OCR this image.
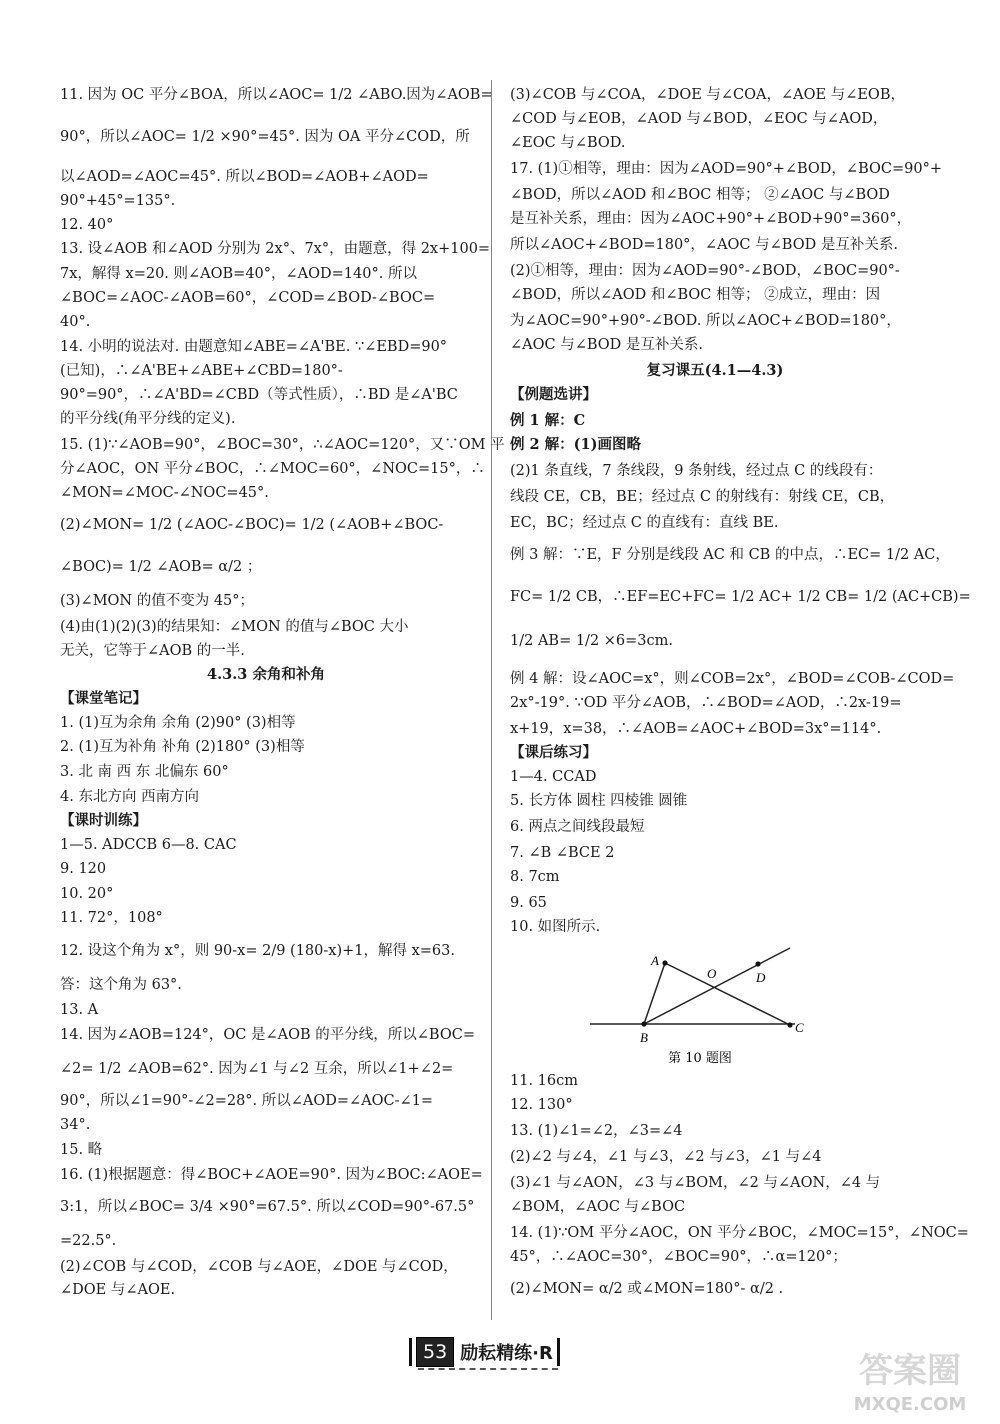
11. 因为 OC 平分∠BOA，所以∠AOC= 1/2 ∠ABO.因为∠AOB=
90°，所以∠AOC= 1/2 ×90°=45°. 因为 OA 平分∠COD，所
以∠AOD=∠AOC=45°. 所以∠BOD=∠AOB+∠AOD=
90°+45°=135°.
12. 40°
13. 设∠AOB 和∠AOD 分别为 2x°、7x°，由题意，得 2x+100=
7x，解得 x=20. 则∠AOB=40°，∠AOD=140°. 所以
∠BOC=∠AOC-∠AOB=60°，∠COD=∠BOD-∠BOC=
40°.
14. 小明的说法对. 由题意知∠ABE=∠A'BE. ∵∠EBD=90°
(已知)，∴∠A'BE+∠ABE+∠CBD=180°-
90°=90°，∴∠A'BD=∠CBD（等式性质），∴BD 是∠A'BC
的平分线(角平分线的定义).
15. (1)∵∠AOB=90°，∠BOC=30°，∴∠AOC=120°，又∵OM 平
分∠AOC，ON 平分∠BOC，∴∠MOC=60°，∠NOC=15°，∴
∠MON=∠MOC-∠NOC=45°.
(2)∠MON= 1/2 (∠AOC-∠BOC)= 1/2 (∠AOB+∠BOC-
∠BOC)= 1/2 ∠AOB= α/2 ；
(3)∠MON 的值不变为 45°；
(4)由(1)(2)(3)的结果知：∠MON 的值与∠BOC 大小
无关，它等于∠AOB 的一半.
4.3.3 余角和补角
【课堂笔记】
1. (1)互为余角 余角 (2)90° (3)相等
2. (1)互为补角 补角 (2)180° (3)相等
3. 北 南 西 东 北偏东 60°
4. 东北方向 西南方向
【课时训练】
1—5. ADCCB 6—8. CAC
9. 120
10. 20°
11. 72°，108°
12. 设这个角为 x°，则 90-x= 2/9 (180-x)+1，解得 x=63.
答：这个角为 63°.
13. A
14. 因为∠AOB=124°，OC 是∠AOB 的平分线，所以∠BOC=
∠2= 1/2 ∠AOB=62°. 因为∠1 与∠2 互余，所以∠1+∠2=
90°，所以∠1=90°-∠2=28°. 所以∠AOD=∠AOC-∠1=
34°.
15. 略
16. (1)根据题意：得∠BOC+∠AOE=90°. 因为∠BOC:∠AOE=
3:1，所以∠BOC= 3/4 ×90°=67.5°. 所以∠COD=90°-67.5°
=22.5°.
(2)∠COB 与∠COD，∠COB 与∠AOE，∠DOE 与∠COD，
∠DOE 与∠AOE.
(3)∠COB 与∠COA，∠DOE 与∠COA，∠AOE 与∠EOB，
∠COD 与∠EOB，∠AOD 与∠BOD，∠EOC 与∠AOD，
∠EOC 与∠BOD.
17. (1)①相等，理由：因为∠AOD=90°+∠BOD，∠BOC=90°+
∠BOD，所以∠AOD 和∠BOC 相等； ②∠AOC 与∠BOD
是互补关系，理由：因为∠AOC+90°+∠BOD+90°=360°，
所以∠AOC+∠BOD=180°，∠AOC 与∠BOD 是互补关系.
(2)①相等，理由：因为∠AOD=90°-∠BOD，∠BOC=90°-
∠BOD，所以∠AOD 和∠BOC 相等； ②成立，理由：因
为∠AOC=90°+90°-∠BOD. 所以∠AOC+∠BOD=180°，
∠AOC 与∠BOD 是互补关系.
复习课五(4.1—4.3)
【例题选讲】
例 1 解：C
例 2 解：(1)画图略
(2)1 条直线，7 条线段，9 条射线，经过点 C 的线段有：
线段 CE，CB，BE；经过点 C 的射线有：射线 CE，CB，
EC，BC；经过点 C 的直线有：直线 BE.
例 3 解：∵E，F 分别是线段 AC 和 CB 的中点，∴EC= 1/2 AC，
FC= 1/2 CB，∴EF=EC+FC= 1/2 AC+ 1/2 CB= 1/2 (AC+CB)=
1/2 AB= 1/2 ×6=3cm.
例 4 解：设∠AOC=x°，则∠COB=2x°，∠BOD=∠COB-∠COD=
2x°-19°. ∵OD 平分∠AOB，∴∠BOD=∠AOD，∴2x-19=
x+19，x=38，∴∠AOB=∠AOC+∠BOD=3x°=114°.
【课后练习】
1—4. CCAD
5. 长方体 圆柱 四棱锥 圆锥
6. 两点之间线段最短
7. ∠B ∠BCE 2
8. 7cm
9. 65
10. 如图所示.
11. 16cm
12. 130°
13. (1)∠1=∠2，∠3=∠4
(2)∠2 与∠4，∠1 与∠3，∠2 与∠3，∠1 与∠4
(3)∠1 与∠AON，∠3 与∠BOM，∠2 与∠AON，∠4 与
∠BOM，∠AOC 与∠BOC
14. (1)∵OM 平分∠AOC，ON 平分∠BOC，∠MOC=15°，∠NOC=
45°，∴∠AOC=30°，∠BOC=90°，∴α=120°；
(2)∠MON= α/2 或∠MON=180°- α/2 .
A
O	D
B
C
第 10 题图
53 励耘精练·R	答案圈
MXQE.COM
